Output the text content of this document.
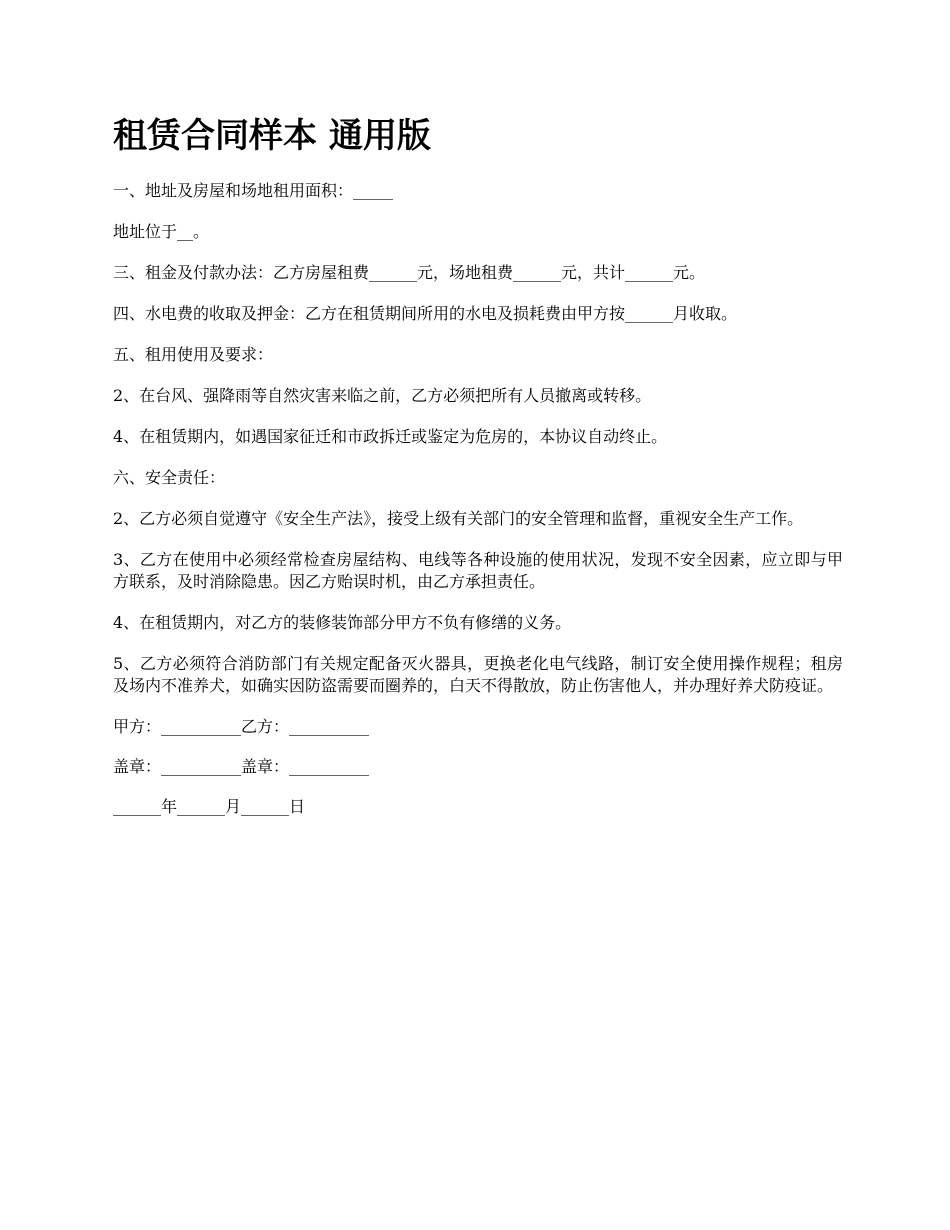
租赁合同样本 通用版

一、地址及房屋和场地租用面积：_____

地址位于__。

三、租金及付款办法：乙方房屋租费______元，场地租费______元，共计______元。

四、水电费的收取及押金：乙方在租赁期间所用的水电及损耗费由甲方按______月收取。

五、租用使用及要求：

2、在台风、强降雨等自然灾害来临之前，乙方必须把所有人员撤离或转移。

4、在租赁期内，如遇国家征迁和市政拆迁或鉴定为危房的，本协议自动终止。

六、安全责任：

2、乙方必须自觉遵守《安全生产法》，接受上级有关部门的安全管理和监督，重视安全生产工作。

3、乙方在使用中必须经常检查房屋结构、电线等各种设施的使用状况，发现不安全因素，应立即与甲方联系，及时消除隐患。因乙方贻误时机，由乙方承担责任。

4、在租赁期内，对乙方的装修装饰部分甲方不负有修缮的义务。

5、乙方必须符合消防部门有关规定配备灭火器具，更换老化电气线路，制订安全使用操作规程；租房及场内不准养犬，如确实因防盗需要而圈养的，白天不得散放，防止伤害他人，并办理好养犬防疫证。

甲方：__________乙方：__________

盖章：__________盖章：__________

______年______月______日
